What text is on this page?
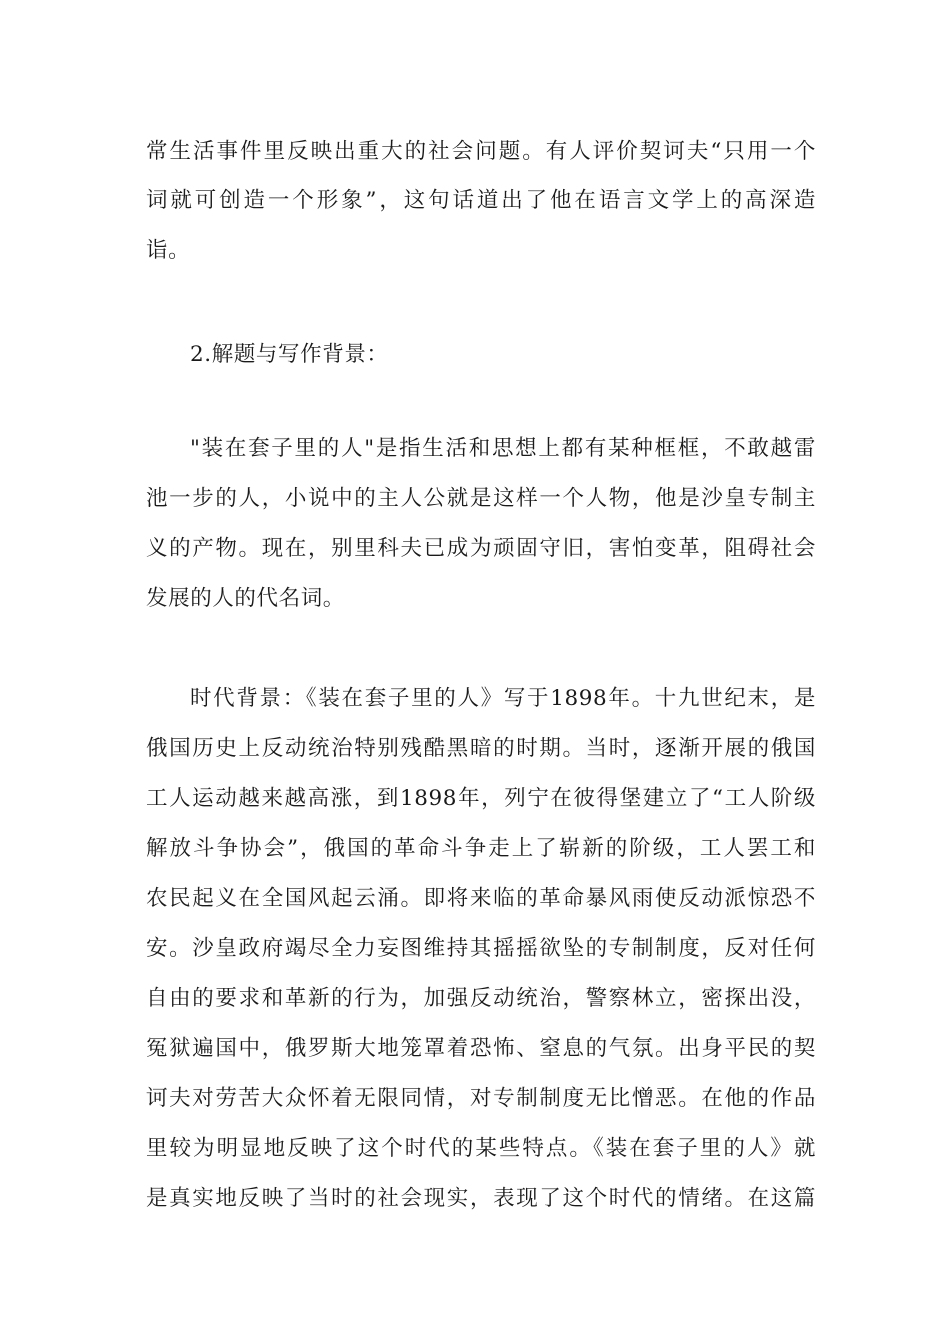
常生活事件里反映出重大的社会问题。有人评价契诃夫“只用一个
词就可创造一个形象”，这句话道出了他在语言文学上的高深造
诣。
2.解题与写作背景：
"装在套子里的人"是指生活和思想上都有某种框框，不敢越雷
池一步的人，小说中的主人公就是这样一个人物，他是沙皇专制主
义的产物。现在，别里科夫已成为顽固守旧，害怕变革，阻碍社会
发展的人的代名词。
时代背景：《装在套子里的人》写于1898年。十九世纪末，是
俄国历史上反动统治特别残酷黑暗的时期。当时，逐渐开展的俄国
工人运动越来越高涨，到1898年，列宁在彼得堡建立了“工人阶级
解放斗争协会”，俄国的革命斗争走上了崭新的阶级，工人罢工和
农民起义在全国风起云涌。即将来临的革命暴风雨使反动派惊恐不
安。沙皇政府竭尽全力妄图维持其摇摇欲坠的专制制度，反对任何
自由的要求和革新的行为，加强反动统治，警察林立，密探出没，
冤狱遍国中，俄罗斯大地笼罩着恐怖、窒息的气氛。出身平民的契
诃夫对劳苦大众怀着无限同情，对专制制度无比憎恶。在他的作品
里较为明显地反映了这个时代的某些特点。《装在套子里的人》就
是真实地反映了当时的社会现实，表现了这个时代的情绪。在这篇
